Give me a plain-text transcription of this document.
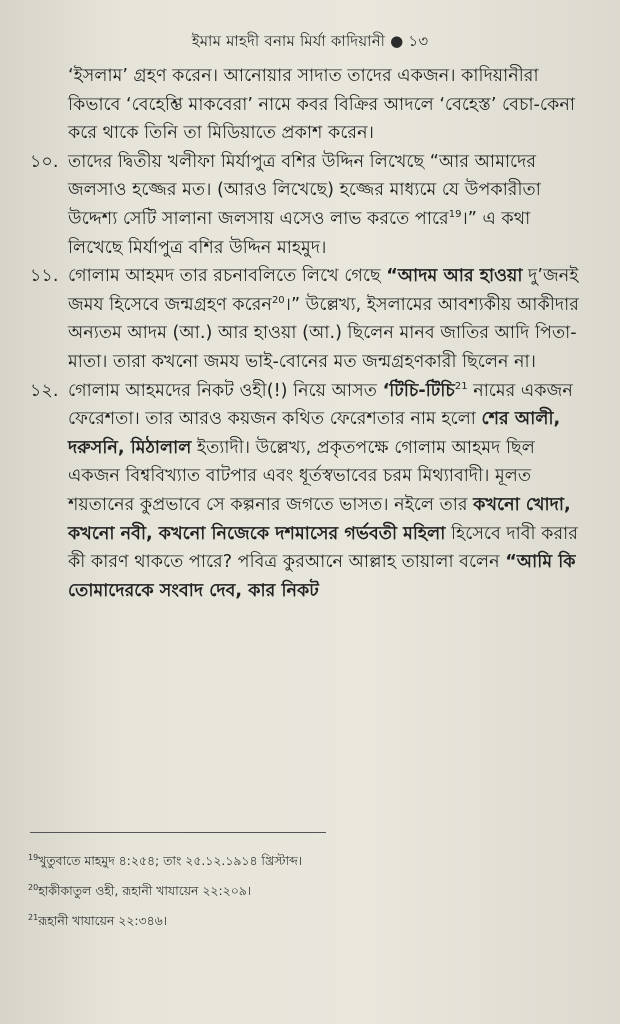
ইমাম মাহদী বনাম মির্যা কাদিয়ানী ● ১৩

‘ইসলাম’ গ্রহণ করেন। আনোয়ার সাদাত তাদের একজন। কাদিয়ানীরা কিভাবে ‘বেহেশ্তি মাকবেরা’ নামে কবর বিক্রির আদলে ‘বেহেস্ত’ বেচা-কেনা করে থাকে তিনি তা মিডিয়াতে প্রকাশ করেন।

১০. তাদের দ্বিতীয় খলীফা মির্যাপুত্র বশির উদ্দিন লিখেছে “আর আমাদের জলসাও হজ্জের মত। (আরও লিখেছে) হজ্জের মাধ্যমে যে উপকারীতা উদ্দেশ্য সেটি সালানা জলসায় এসেও লাভ করতে পারে$^{19}$।” এ কথা লিখেছে মির্যাপুত্র বশির উদ্দিন মাহমুদ।

১১. গোলাম আহমদ তার রচনাবলিতে লিখে গেছে “আদম আর হাওয়া দু’জনই জময হিসেবে জন্মগ্রহণ করেন$^{20}$।” উল্লেখ্য, ইসলামের আবশ্যকীয় আকীদার অন্যতম আদম (আ.) আর হাওয়া (আ.) ছিলেন মানব জাতির আদি পিতা-মাতা। তারা কখনো জময ভাই-বোনের মত জন্মগ্রহণকারী ছিলেন না।

১২. গোলাম আহমদের নিকট ওহী(!) নিয়ে আসত ‘টিচি-টিচি$^{21}$ নামের একজন ফেরেশতা। তার আরও কয়জন কথিত ফেরেশতার নাম হলো শের আলী, দরুসনি, মিঠালাল ইত্যাদী। উল্লেখ্য, প্রকৃতপক্ষে গোলাম আহমদ ছিল একজন বিশ্ববিখ্যাত বাটপার এবং ধূর্তস্বভাবের চরম মিথ্যাবাদী। মূলত শয়তানের কুপ্রভাবে সে কল্পনার জগতে ভাসত। নইলে তার কখনো খোদা, কখনো নবী, কখনো নিজেকে দশমাসের গর্ভবতী মহিলা হিসেবে দাবী করার কী কারণ থাকতে পারে? পবিত্র কুরআনে আল্লাহ তায়ালা বলেন “আমি কি তোমাদেরকে সংবাদ দেব, কার নিকট

$^{19}$খুতুবাতে মাহমুদ ৪:২৫৪; তাং ২৫.১২.১৯১৪ খ্রিস্টাব্দ।

$^{20}$হাকীকাতুল ওহী, রূহানী খাযায়েন ২২:২০৯।

$^{21}$রূহানী খাযায়েন ২২:৩৪৬।
